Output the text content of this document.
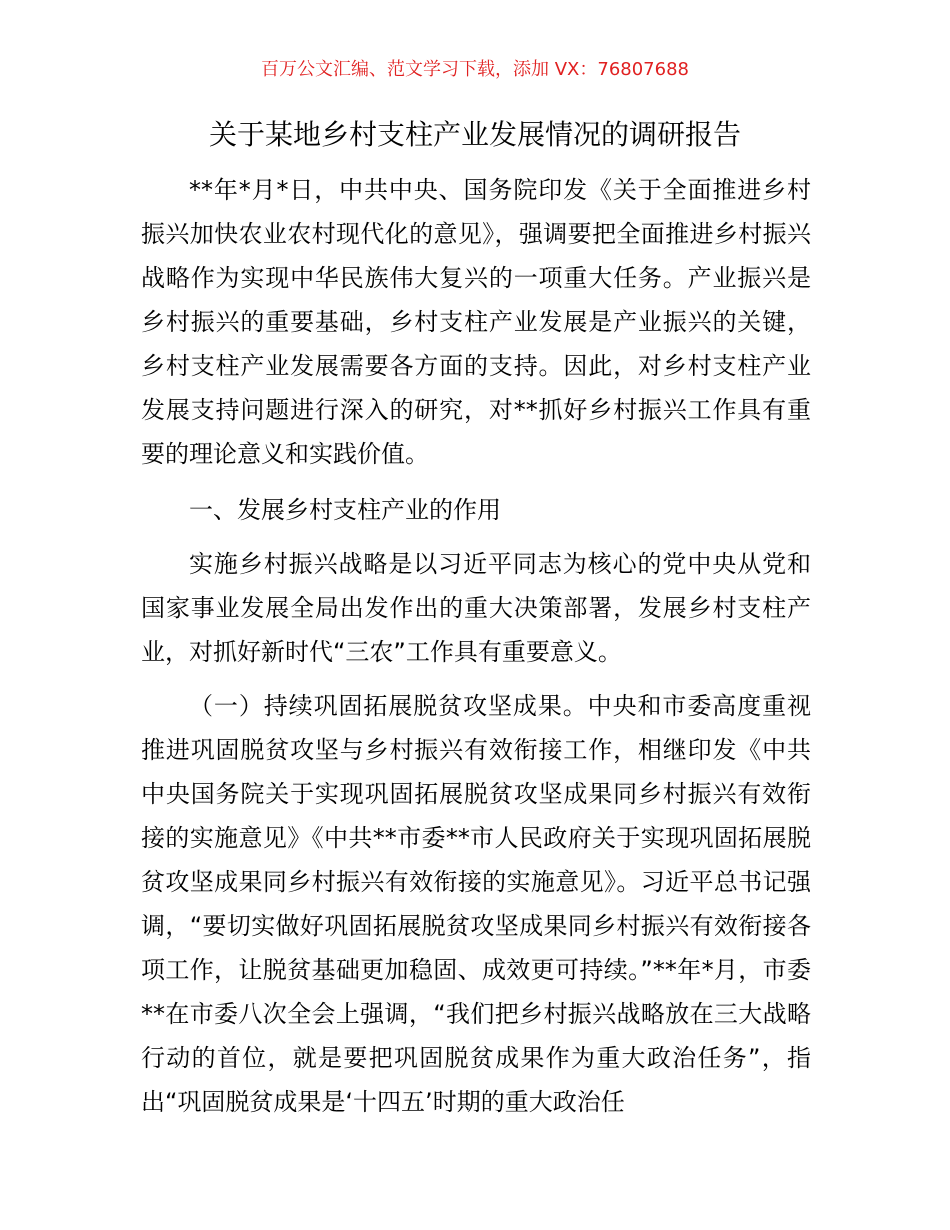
百万公文汇编、范文学习下载，添加 VX：76807688
关于某地乡村支柱产业发展情况的调研报告

**年*月*日，中共中央、国务院印发《关于全面推进乡村振兴加快农业农村现代化的意见》，强调要把全面推进乡村振兴战略作为实现中华民族伟大复兴的一项重大任务。产业振兴是乡村振兴的重要基础，乡村支柱产业发展是产业振兴的关键，乡村支柱产业发展需要各方面的支持。因此，对乡村支柱产业发展支持问题进行深入的研究，对**抓好乡村振兴工作具有重要的理论意义和实践价值。

一、发展乡村支柱产业的作用

实施乡村振兴战略是以习近平同志为核心的党中央从党和国家事业发展全局出发作出的重大决策部署，发展乡村支柱产业，对抓好新时代“三农”工作具有重要意义。

（一）持续巩固拓展脱贫攻坚成果。中央和市委高度重视推进巩固脱贫攻坚与乡村振兴有效衔接工作，相继印发《中共中央国务院关于实现巩固拓展脱贫攻坚成果同乡村振兴有效衔接的实施意见》《中共**市委**市人民政府关于实现巩固拓展脱贫攻坚成果同乡村振兴有效衔接的实施意见》。习近平总书记强调，“要切实做好巩固拓展脱贫攻坚成果同乡村振兴有效衔接各项工作，让脱贫基础更加稳固、成效更可持续。”**年*月，市委**在市委八次全会上强调，“我们把乡村振兴战略放在三大战略行动的首位，就是要把巩固脱贫成果作为重大政治任务”，指出“巩固脱贫成果是‘十四五’时期的重大政治任
